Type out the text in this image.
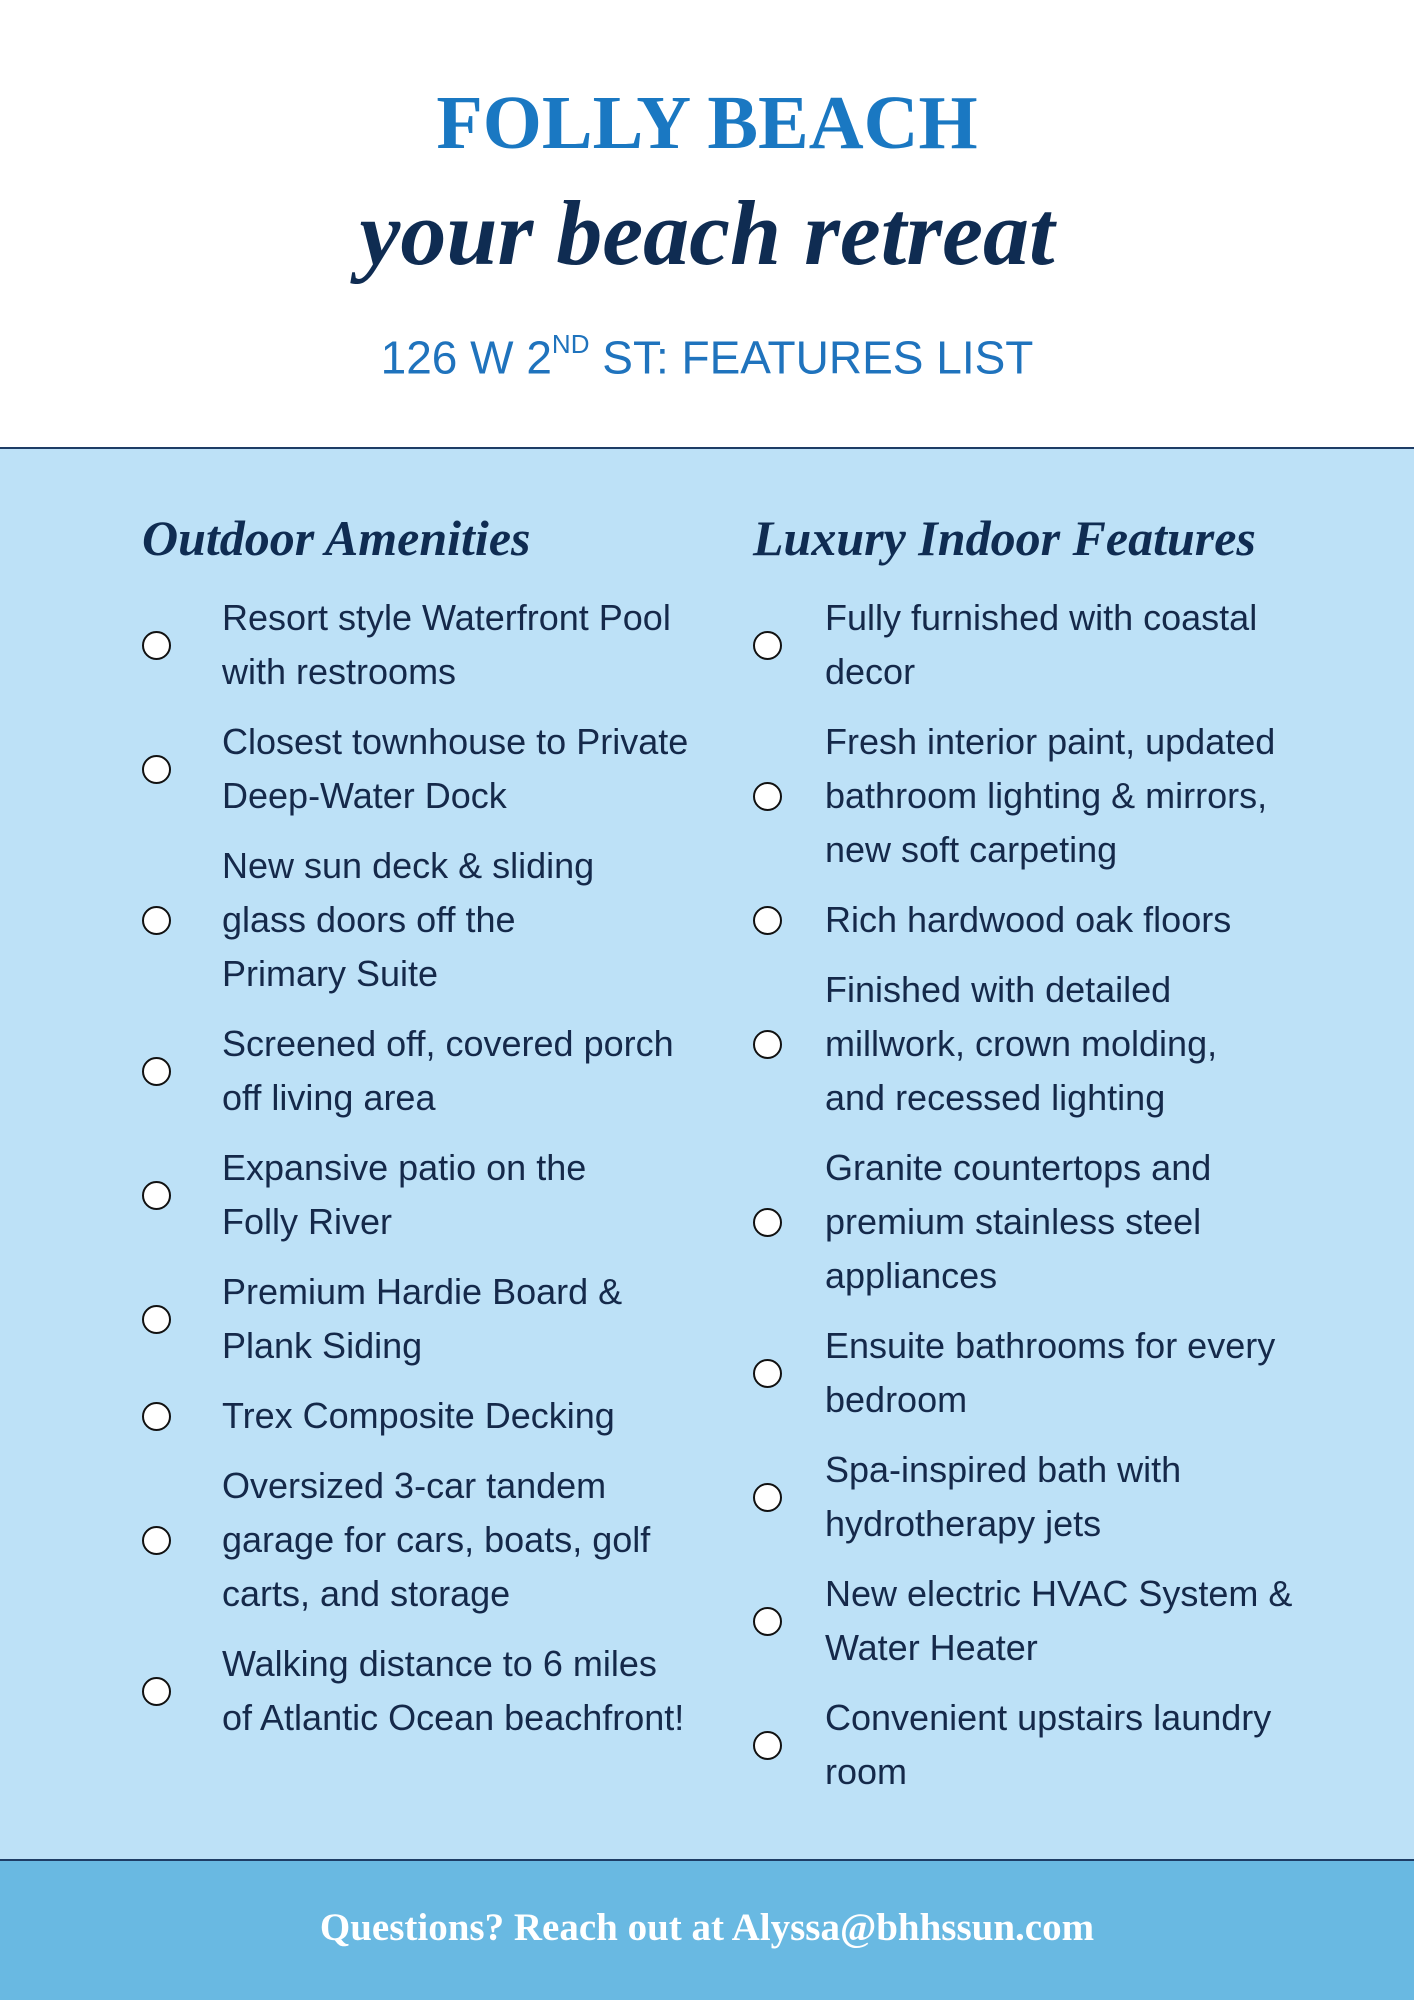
FOLLY BEACH
your beach retreat

126 W 2ND ST: FEATURES LIST

Outdoor Amenities
Resort style Waterfront Pool with restrooms
Closest townhouse to Private Deep-Water Dock
New sun deck & sliding glass doors off the Primary Suite
Screened off, covered porch off living area
Expansive patio on the Folly River
Premium Hardie Board & Plank Siding
Trex Composite Decking
Oversized 3-car tandem garage for cars, boats, golf carts, and storage
Walking distance to 6 miles of Atlantic Ocean beachfront!
Luxury Indoor Features
Fully furnished with coastal decor
Fresh interior paint, updated bathroom lighting & mirrors, new soft carpeting
Rich hardwood oak floors
Finished with detailed millwork, crown molding, and recessed lighting
Granite countertops and premium stainless steel appliances
Ensuite bathrooms for every bedroom
Spa-inspired bath with hydrotherapy jets
New electric HVAC System & Water Heater
Convenient upstairs laundry room

Questions? Reach out at Alyssa@bhhssun.com
